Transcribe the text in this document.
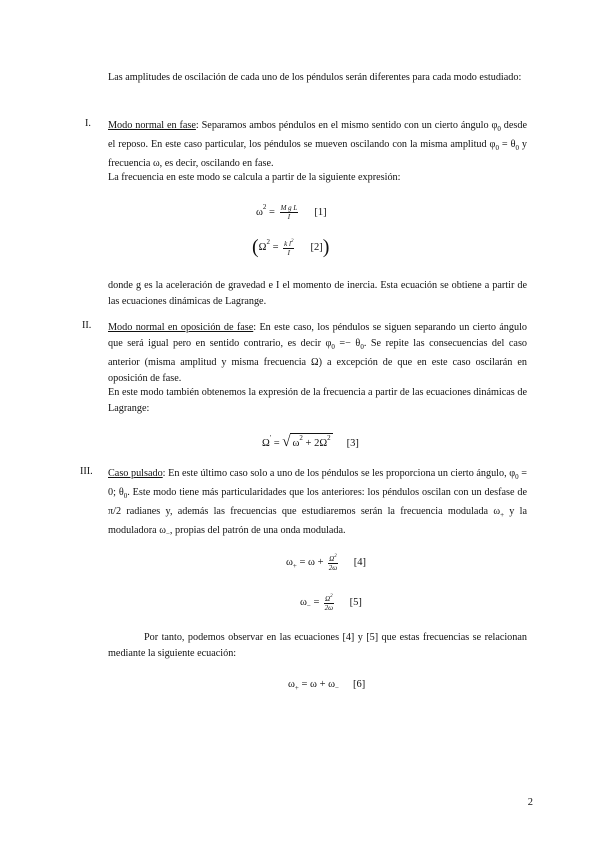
Las amplitudes de oscilación de cada uno de los péndulos serán diferentes para cada modo estudiado:
I. Modo normal en fase: Separamos ambos péndulos en el mismo sentido con un cierto ángulo $\varphi_0$ desde el reposo. En este caso particular, los péndulos se mueven oscilando con la misma amplitud $\varphi_0 = \theta_0$ y frecuencia ω, es decir, oscilando en fase.
La frecuencia en este modo se calcula a partir de la siguiente expresión:
$\omega^2 = \frac{\text{M g L}}{I} [1]$
$(\Omega^2 = \frac{k l^2}{I} [2])$
donde g es la aceleración de gravedad e I el momento de inercia. Esta ecuación se obtiene a partir de las ecuaciones dinámicas de Lagrange.
II. Modo normal en oposición de fase: En este caso, los péndulos se siguen separando un cierto ángulo que será igual pero en sentido contrario, es decir $\varphi_0 =- \theta_0$. Se repite las consecuencias del caso anterior (misma amplitud y misma frecuencia Ω) a excepción de que en este caso oscilarán en oposición de fase.
En este modo también obtenemos la expresión de la frecuencia a partir de las ecuaciones dinámicas de Lagrange:
Ω' = √ $\omega^2 + 2\Omega^2$ [3]
III. Caso pulsado: En este último caso solo a uno de los péndulos se les proporciona un cierto ángulo, $\varphi_0 = 0$; $\theta_0$. Este modo tiene más particularidades que los anteriores: los péndulos oscilan con un desfase de π/2 radianes y, además las frecuencias que estudiaremos serán la frecuencia modulada $\omega_+$ y la moduladora $\omega_-$, propias del patrón de una onda modulada.
$\omega_+ = \omega + \frac{\Omega^2}{2\omega} [4]$
$\omega_- = \frac{\Omega^2}{2\omega} [5]$
Por tanto, podemos observar en las ecuaciones [4] y [5] que estas frecuencias se relacionan mediante la siguiente ecuación:
$\omega_+ = \omega + \omega_-$ [6]
2
